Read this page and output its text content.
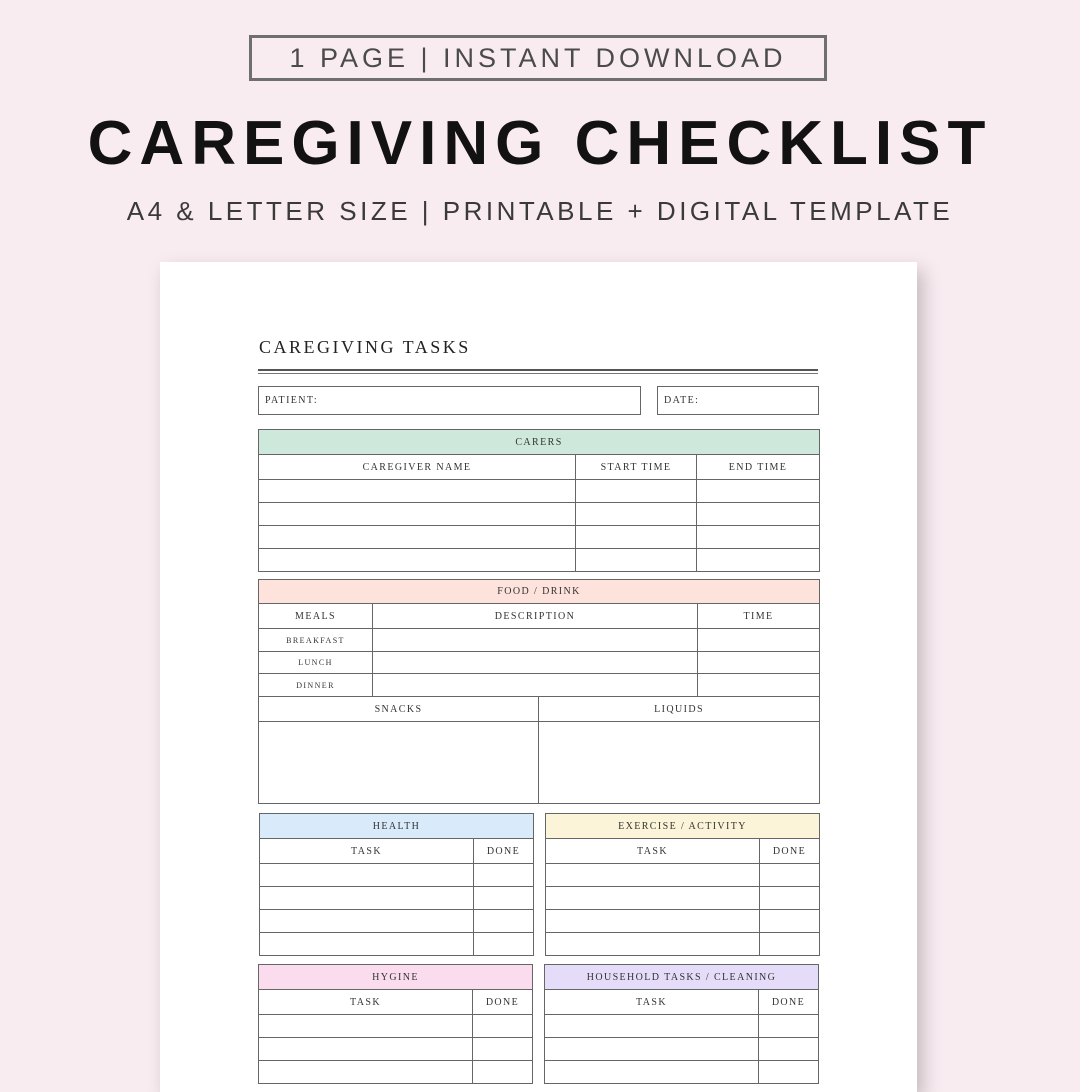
1 PAGE | INSTANT DOWNLOAD
CAREGIVING CHECKLIST
A4 & LETTER SIZE | PRINTABLE + DIGITAL TEMPLATE
CAREGIVING TASKS
PATIENT:	DATE:
CARERS		
CAREGIVER NAME	START TIME	END TIME

FOOD / DRINK			
MEALS	DESCRIPTION		TIME
BREAKFAST			
LUNCH			
DINNER			
SNACKS		LIQUIDS	

HEALTH	
TASK	DONE

EXERCISE / ACTIVITY	
TASK	DONE

HYGINE	
TASK	DONE

HOUSEHOLD TASKS / CLEANING	
TASK	DONE
